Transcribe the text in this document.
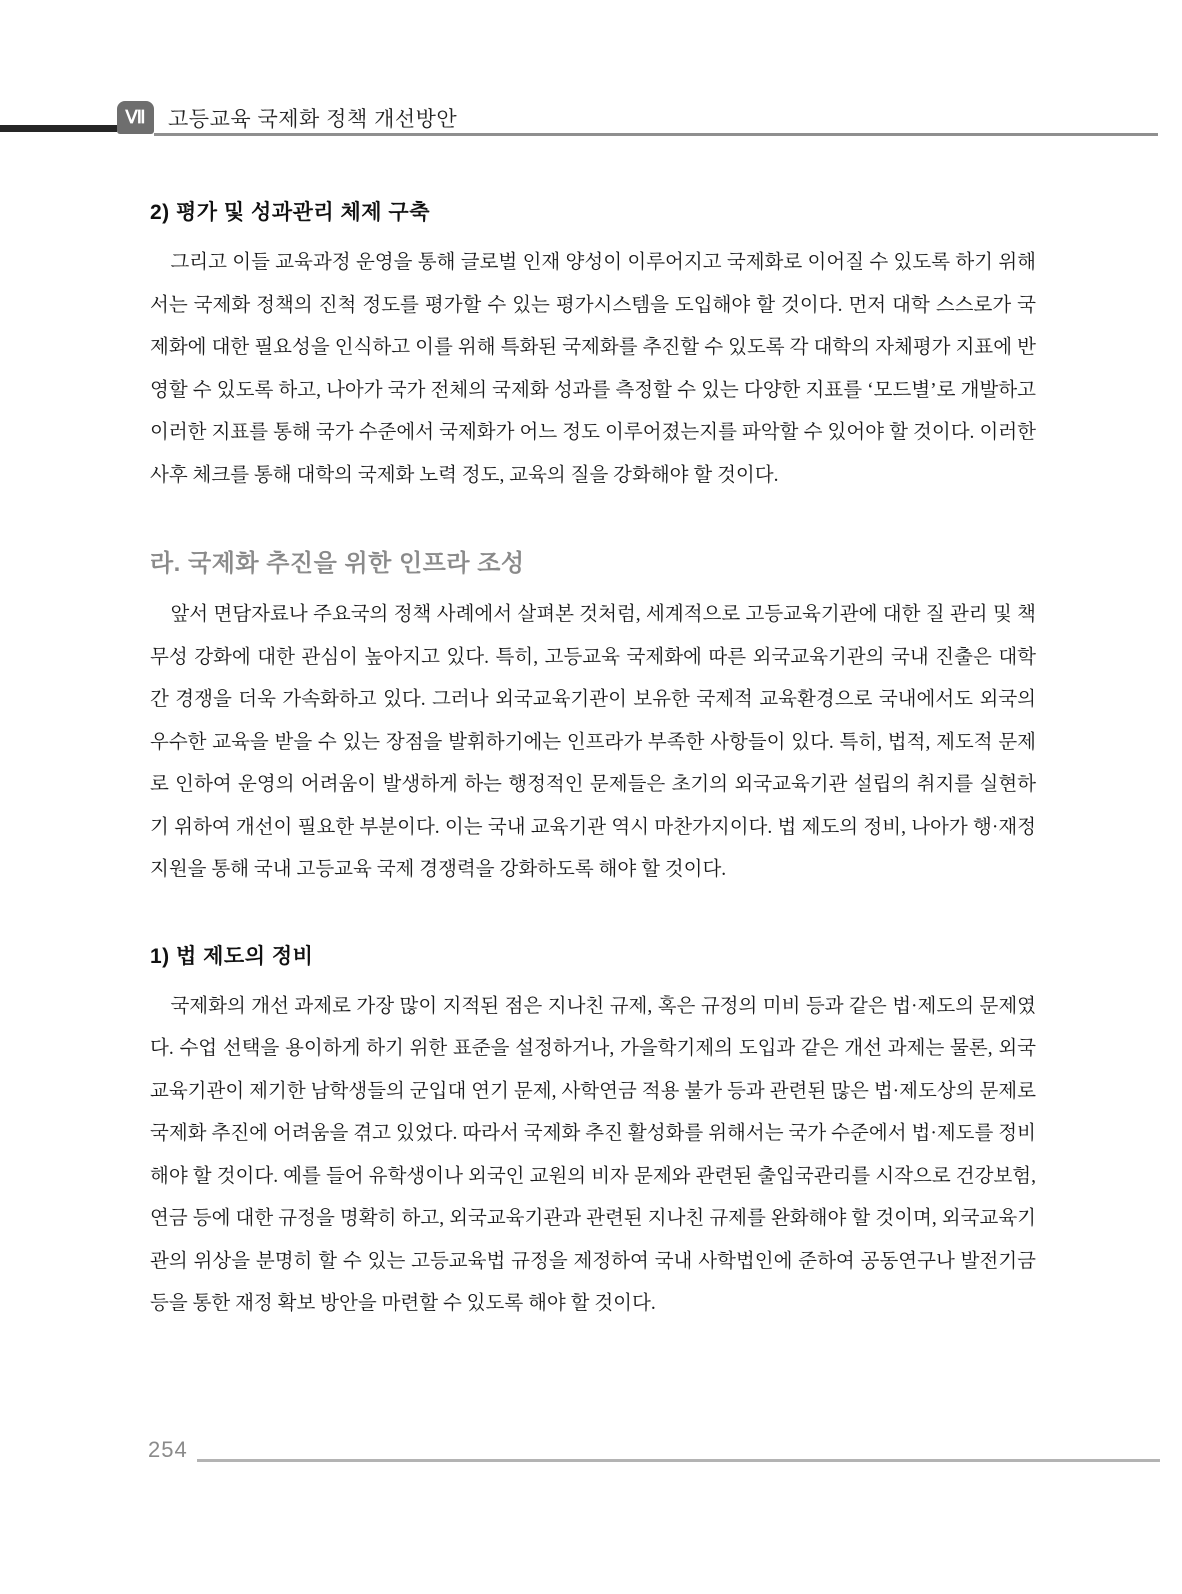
Ⅶ 고등교육 국제화 정책 개선방안
2) 평가 및 성과관리 체제 구축

그리고 이들 교육과정 운영을 통해 글로벌 인재 양성이 이루어지고 국제화로 이어질 수 있도록 하기 위해서는 국제화 정책의 진척 정도를 평가할 수 있는 평가시스템을 도입해야 할 것이다. 먼저 대학 스스로가 국제화에 대한 필요성을 인식하고 이를 위해 특화된 국제화를 추진할 수 있도록 각 대학의 자체평가 지표에 반영할 수 있도록 하고, 나아가 국가 전체의 국제화 성과를 측정할 수 있는 다양한 지표를 ‘모드별’로 개발하고 이러한 지표를 통해 국가 수준에서 국제화가 어느 정도 이루어졌는지를 파악할 수 있어야 할 것이다. 이러한 사후 체크를 통해 대학의 국제화 노력 정도, 교육의 질을 강화해야 할 것이다.

라. 국제화 추진을 위한 인프라 조성

앞서 면담자료나 주요국의 정책 사례에서 살펴본 것처럼, 세계적으로 고등교육기관에 대한 질 관리 및 책무성 강화에 대한 관심이 높아지고 있다. 특히, 고등교육 국제화에 따른 외국교육기관의 국내 진출은 대학 간 경쟁을 더욱 가속화하고 있다. 그러나 외국교육기관이 보유한 국제적 교육환경으로 국내에서도 외국의 우수한 교육을 받을 수 있는 장점을 발휘하기에는 인프라가 부족한 사항들이 있다. 특히, 법적, 제도적 문제로 인하여 운영의 어려움이 발생하게 하는 행정적인 문제들은 초기의 외국교육기관 설립의 취지를 실현하기 위하여 개선이 필요한 부분이다. 이는 국내 교육기관 역시 마찬가지이다. 법 제도의 정비, 나아가 행·재정 지원을 통해 국내 고등교육 국제 경쟁력을 강화하도록 해야 할 것이다.

1) 법 제도의 정비

국제화의 개선 과제로 가장 많이 지적된 점은 지나친 규제, 혹은 규정의 미비 등과 같은 법·제도의 문제였다. 수업 선택을 용이하게 하기 위한 표준을 설정하거나, 가을학기제의 도입과 같은 개선 과제는 물론, 외국교육기관이 제기한 남학생들의 군입대 연기 문제, 사학연금 적용 불가 등과 관련된 많은 법·제도상의 문제로 국제화 추진에 어려움을 겪고 있었다. 따라서 국제화 추진 활성화를 위해서는 국가 수준에서 법·제도를 정비해야 할 것이다. 예를 들어 유학생이나 외국인 교원의 비자 문제와 관련된 출입국관리를 시작으로 건강보험, 연금 등에 대한 규정을 명확히 하고, 외국교육기관과 관련된 지나친 규제를 완화해야 할 것이며, 외국교육기관의 위상을 분명히 할 수 있는 고등교육법 규정을 제정하여 국내 사학법인에 준하여 공동연구나 발전기금 등을 통한 재정 확보 방안을 마련할 수 있도록 해야 할 것이다.

254
